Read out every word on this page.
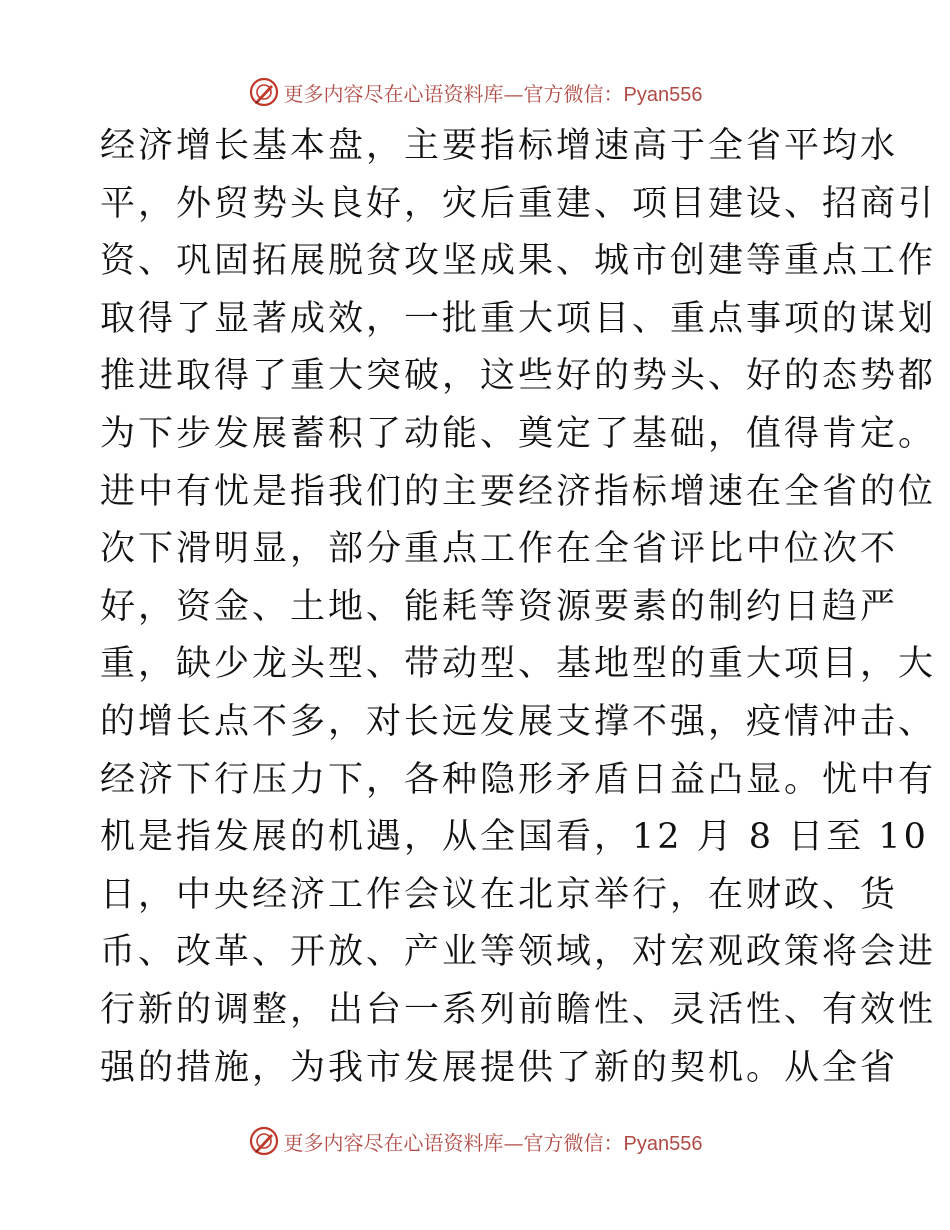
更多内容尽在心语资料库—官方微信：Pyan556
经济增长基本盘，主要指标增速高于全省平均水
平，外贸势头良好，灾后重建、项目建设、招商引
资、巩固拓展脱贫攻坚成果、城市创建等重点工作
取得了显著成效，一批重大项目、重点事项的谋划
推进取得了重大突破，这些好的势头、好的态势都
为下步发展蓄积了动能、奠定了基础，值得肯定。
进中有忧是指我们的主要经济指标增速在全省的位
次下滑明显，部分重点工作在全省评比中位次不
好，资金、土地、能耗等资源要素的制约日趋严
重，缺少龙头型、带动型、基地型的重大项目，大
的增长点不多，对长远发展支撑不强，疫情冲击、
经济下行压力下，各种隐形矛盾日益凸显。忧中有
机是指发展的机遇，从全国看，12 月 8 日至 10
日，中央经济工作会议在北京举行，在财政、货
币、改革、开放、产业等领域，对宏观政策将会进
行新的调整，出台一系列前瞻性、灵活性、有效性
强的措施，为我市发展提供了新的契机。从全省
更多内容尽在心语资料库—官方微信：Pyan556
